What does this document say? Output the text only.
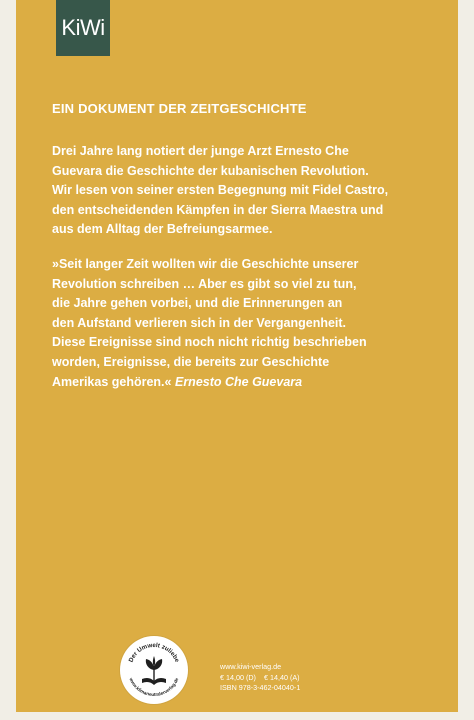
KiWi
EIN DOKUMENT DER ZEITGESCHICHTE

Drei Jahre lang notiert der junge Arzt Ernesto Che
Guevara die Geschichte der kubanischen Revolution.
Wir lesen von seiner ersten Begegnung mit Fidel Castro,
den entscheidenden Kämpfen in der Sierra Maestra und
aus dem Alltag der Befreiungsarmee.

»Seit langer Zeit wollten wir die Geschichte unserer
Revolution schreiben … Aber es gibt so viel zu tun,
die Jahre gehen vorbei, und die Erinnerungen an
den Aufstand verlieren sich in der Vergangenheit.
Diese Ereignisse sind noch nicht richtig beschrieben
worden, Ereignisse, die bereits zur Geschichte
Amerikas gehören.« Ernesto Che Guevara

Der Umwelt zuliebe
www.klimaneutralerverlag.de
www.kiwi-verlag.de
€ 14,00 (D) € 14,40 (A)
ISBN 978-3-462-04040-1
